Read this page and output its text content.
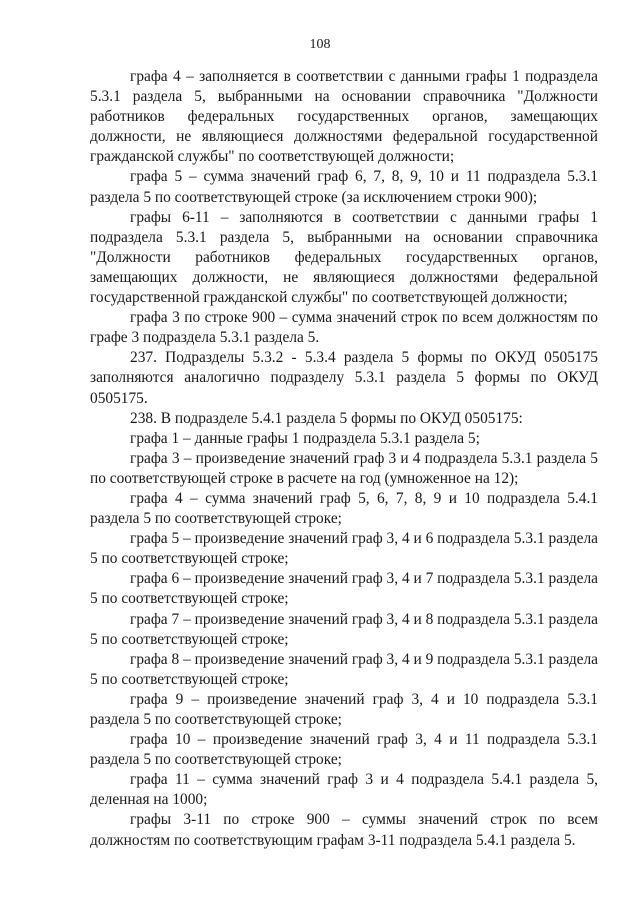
108

графа 4 – заполняется в соответствии с данными графы 1 подраздела 5.3.1 раздела 5, выбранными на основании справочника "Должности работников федеральных государственных органов, замещающих должности, не являющиеся должностями федеральной государственной гражданской службы" по соответствующей должности;

графа 5 – сумма значений граф 6, 7, 8, 9, 10 и 11 подраздела 5.3.1 раздела 5 по соответствующей строке (за исключением строки 900);

графы 6-11 – заполняются в соответствии с данными графы 1 подраздела 5.3.1 раздела 5, выбранными на основании справочника "Должности работников федеральных государственных органов, замещающих должности, не являющиеся должностями федеральной государственной гражданской службы" по соответствующей должности;

графа 3 по строке 900 – сумма значений строк по всем должностям по графе 3 подраздела 5.3.1 раздела 5.

237. Подразделы 5.3.2 - 5.3.4 раздела 5 формы по ОКУД 0505175 заполняются аналогично подразделу 5.3.1 раздела 5 формы по ОКУД 0505175.

238. В подразделе 5.4.1 раздела 5 формы по ОКУД 0505175:

графа 1 – данные графы 1 подраздела 5.3.1 раздела 5;

графа 3 – произведение значений граф 3 и 4 подраздела 5.3.1 раздела 5 по соответствующей строке в расчете на год (умноженное на 12);

графа 4 – сумма значений граф 5, 6, 7, 8, 9 и 10 подраздела 5.4.1 раздела 5 по соответствующей строке;

графа 5 – произведение значений граф 3, 4 и 6 подраздела 5.3.1 раздела 5 по соответствующей строке;

графа 6 – произведение значений граф 3, 4 и 7 подраздела 5.3.1 раздела 5 по соответствующей строке;

графа 7 – произведение значений граф 3, 4 и 8 подраздела 5.3.1 раздела 5 по соответствующей строке;

графа 8 – произведение значений граф 3, 4 и 9 подраздела 5.3.1 раздела 5 по соответствующей строке;

графа 9 – произведение значений граф 3, 4 и 10 подраздела 5.3.1 раздела 5 по соответствующей строке;

графа 10 – произведение значений граф 3, 4 и 11 подраздела 5.3.1 раздела 5 по соответствующей строке;

графа 11 – сумма значений граф 3 и 4 подраздела 5.4.1 раздела 5, деленная на 1000;

графы 3-11 по строке 900 – суммы значений строк по всем должностям по соответствующим графам 3-11 подраздела 5.4.1 раздела 5.
